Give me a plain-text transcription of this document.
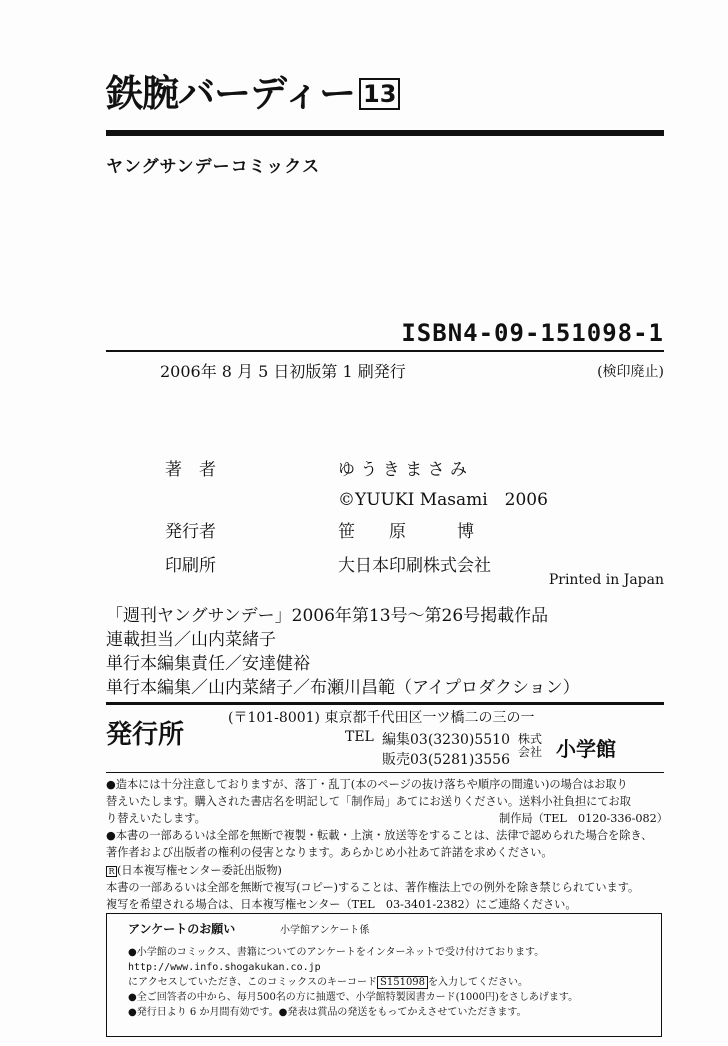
鉄腕バーディー 13
ヤングサンデーコミックス
ISBN4-09-151098-1
2006年 8 月 5 日初版第 1 刷発行	(検印廃止)
著　者	ゆ う き ま さ み
©YUUKI Masami　2006
発行者	笹　　原　　　博
印刷所	大日本印刷株式会社
Printed in Japan
「週刊ヤングサンデー」2006年第13号〜第26号掲載作品
連載担当／山内菜緒子
単行本編集責任／安達健裕
単行本編集／山内菜緒子／布瀬川昌範（アイプロダクション）
発行所
(〒101-8001) 東京都千代田区一ツ橋二の三の一
TEL 編集03(3230)5510
販売03(5281)3556
株式会社 小学館
●造本には十分注意しておりますが、落丁・乱丁(本のページの抜け落ちや順序の間違い)の場合はお取り
替えいたします。購入された書店名を明記して「制作局」あてにお送りください。送料小社負担にてお取
り替えいたします。	制作局（TEL　0120-336-082）
●本書の一部あるいは全部を無断で複製・転載・上演・放送等をすることは、法律で認められた場合を除き、
著作者および出版者の権利の侵害となります。あらかじめ小社あて許諾を求めください。
R (日本複写権センター委託出版物)
本書の一部あるいは全部を無断で複写(コピー)することは、著作権法上での例外を除き禁じられています。
複写を希望される場合は、日本複写権センター（TEL　03-3401-2382）にご連絡ください。
アンケートのお願い	小学館アンケート係
●小学館のコミックス、書籍についてのアンケートをインターネットで受け付けております。
http://www.info.shogakukan.co.jp
にアクセスしていただき、このコミックスのキーコード S151098 を入力してください。
●全ご回答者の中から、毎月500名の方に抽選で、小学館特製図書カード(1000円)をさしあげます。
●発行日より 6 か月間有効です。●発表は賞品の発送をもってかえさせていただきます。
